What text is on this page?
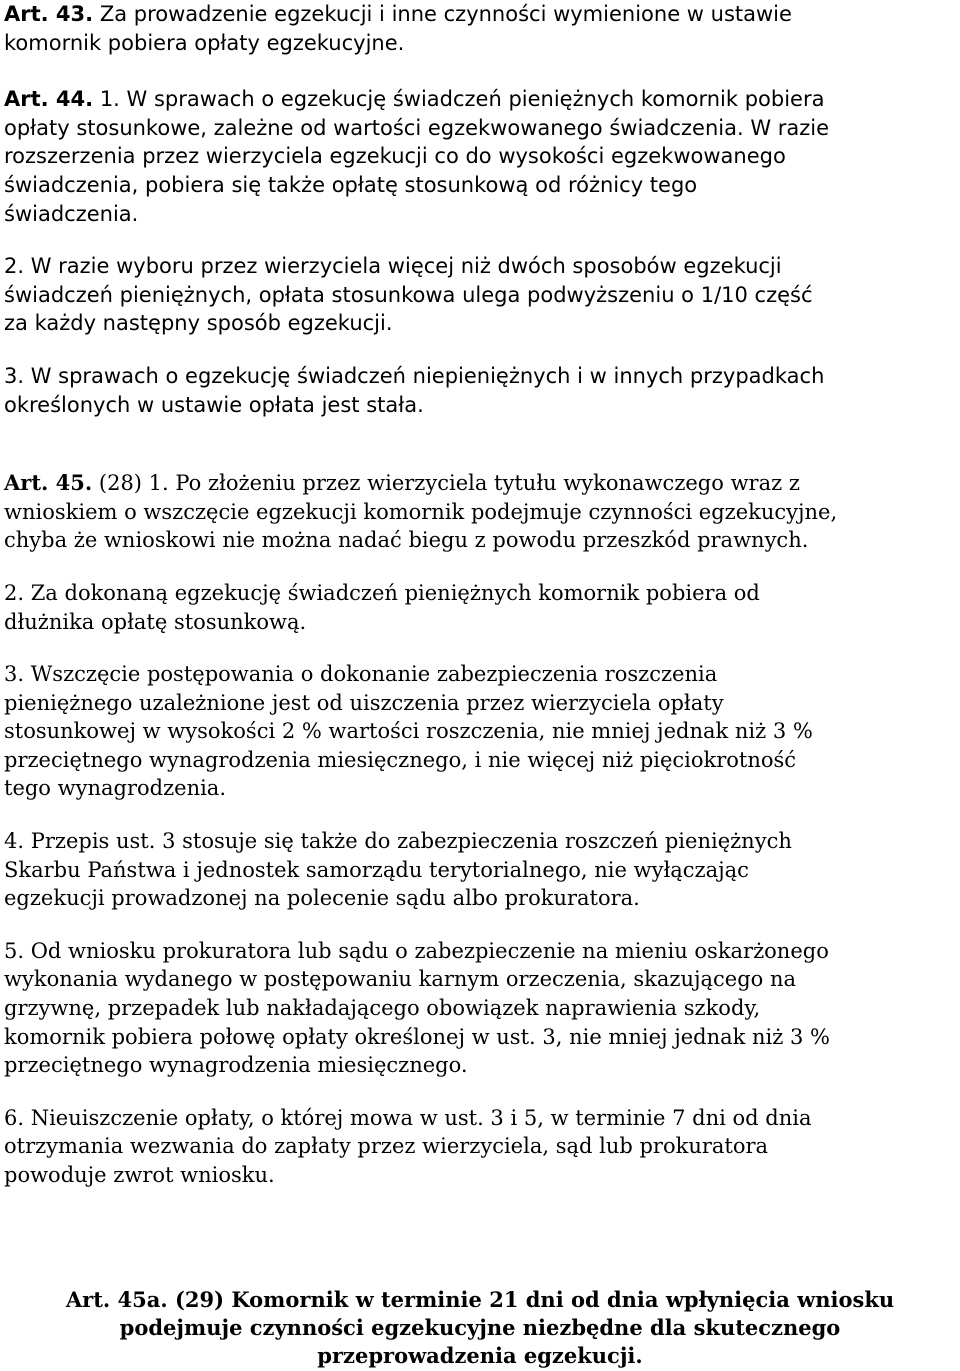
Art. 43. Za prowadzenie egzekucji i inne czynności wymienione w ustawie
komornik pobiera opłaty egzekucyjne.

Art. 44. 1. W sprawach o egzekucję świadczeń pieniężnych komornik pobiera
opłaty stosunkowe, zależne od wartości egzekwowanego świadczenia. W razie
rozszerzenia przez wierzyciela egzekucji co do wysokości egzekwowanego
świadczenia, pobiera się także opłatę stosunkową od różnicy tego
świadczenia.

2. W razie wyboru przez wierzyciela więcej niż dwóch sposobów egzekucji
świadczeń pieniężnych, opłata stosunkowa ulega podwyższeniu o 1/10 część
za każdy następny sposób egzekucji.

3. W sprawach o egzekucję świadczeń niepieniężnych i w innych przypadkach
określonych w ustawie opłata jest stała.

Art. 45. (28) 1. Po złożeniu przez wierzyciela tytułu wykonawczego wraz z
wnioskiem o wszczęcie egzekucji komornik podejmuje czynności egzekucyjne,
chyba że wnioskowi nie można nadać biegu z powodu przeszkód prawnych.

2. Za dokonaną egzekucję świadczeń pieniężnych komornik pobiera od
dłużnika opłatę stosunkową.

3. Wszczęcie postępowania o dokonanie zabezpieczenia roszczenia
pieniężnego uzależnione jest od uiszczenia przez wierzyciela opłaty
stosunkowej w wysokości 2 % wartości roszczenia, nie mniej jednak niż 3 %
przeciętnego wynagrodzenia miesięcznego, i nie więcej niż pięciokrotność
tego wynagrodzenia.

4. Przepis ust. 3 stosuje się także do zabezpieczenia roszczeń pieniężnych
Skarbu Państwa i jednostek samorządu terytorialnego, nie wyłączając
egzekucji prowadzonej na polecenie sądu albo prokuratora.

5. Od wniosku prokuratora lub sądu o zabezpieczenie na mieniu oskarżonego
wykonania wydanego w postępowaniu karnym orzeczenia, skazującego na
grzywnę, przepadek lub nakładającego obowiązek naprawienia szkody,
komornik pobiera połowę opłaty określonej w ust. 3, nie mniej jednak niż 3 %
przeciętnego wynagrodzenia miesięcznego.

6. Nieuiszczenie opłaty, o której mowa w ust. 3 i 5, w terminie 7 dni od dnia
otrzymania wezwania do zapłaty przez wierzyciela, sąd lub prokuratora
powoduje zwrot wniosku.

Art. 45a. (29) Komornik w terminie 21 dni od dnia wpłynięcia wniosku
podejmuje czynności egzekucyjne niezbędne dla skutecznego
przeprowadzenia egzekucji.
